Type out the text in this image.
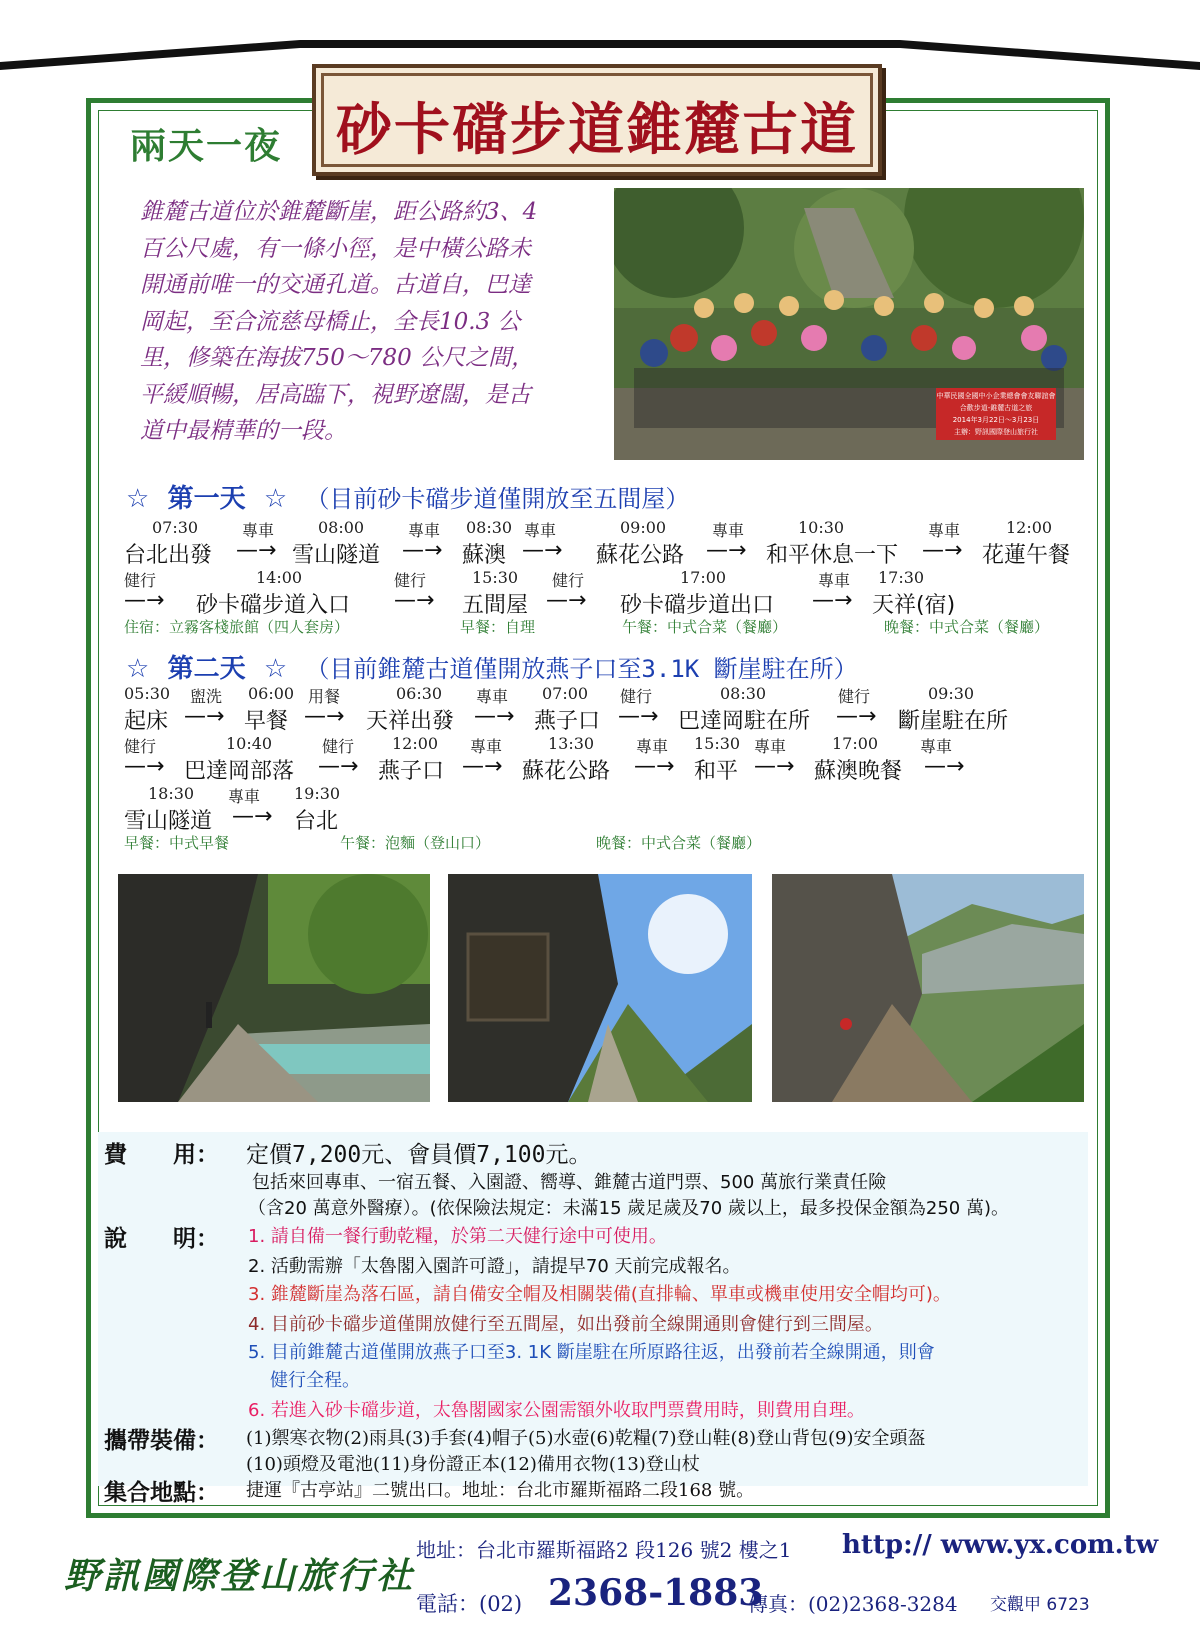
砂卡礑步道錐麓古道
兩天一夜
錐麓古道位於錐麓斷崖，距公路約3、4
百公尺處，有一條小徑，是中橫公路未
開通前唯一的交通孔道。古道自，巴達
岡起，至合流慈母橋止，全長10.3 公
里，修築在海拔750～780 公尺之間，
平緩順暢，居高臨下，視野遼闊，是古
道中最精華的一段。
中華民國全國中小企業總會會友聯誼會
合歡步道-錐麓古道之旅
2014年3月22日～3月23日
主辦：野訊國際登山旅行社
☆ 第一天 ☆ （目前砂卡礑步道僅開放至五間屋）
07:30	專車	08:00	專車 08:30 專車	09:00	專車	10:30	專車	12:00
台北出發 —→ 雪山隧道 —→ 蘇澳 —→ 蘇花公路 —→ 和平休息一下 —→ 花蓮午餐
健行	14:00	健行	15:30 健行	17:00	專車 17:30
—→ 砂卡礑步道入口 —→ 五間屋 —→ 砂卡礑步道出口 —→ 天祥(宿)
住宿：立霧客棧旅館（四人套房）	早餐：自理	午餐：中式合菜（餐廳）	晚餐：中式合菜（餐廳）
☆ 第二天 ☆ （目前錐麓古道僅開放燕子口至3.1K 斷崖駐在所）
05:30 盥洗 06:00 用餐	06:30 專車 07:00 健行	08:30	健行	09:30
起床 —→ 早餐 —→ 天祥出發 —→ 燕子口 —→ 巴達岡駐在所 —→ 斷崖駐在所
健行	10:40	健行 12:00 專車	13:30	專車 15:30 專車	17:00	專車
—→ 巴達岡部落 —→ 燕子口 —→ 蘇花公路 —→ 和平 —→ 蘇澳晚餐 —→
18:30 專車 19:30
雪山隧道 —→ 台北
早餐：中式早餐	午餐：泡麵（登山口）	晚餐：中式合菜（餐廳）
費　　用： 定價7,200元、會員價7,100元。
包括來回專車、一宿五餐、入園證、嚮導、錐麓古道門票、500 萬旅行業責任險
（含20 萬意外醫療）。(依保險法規定：未滿15 歲足歲及70 歲以上，最多投保金額為250 萬)。
說　　明： 1. 請自備一餐行動乾糧，於第二天健行途中可使用。
2. 活動需辦「太魯閣入園許可證」，請提早70 天前完成報名。
3. 錐麓斷崖為落石區，請自備安全帽及相關裝備(直排輪、單車或機車使用安全帽均可)。
4. 目前砂卡礑步道僅開放健行至五間屋，如出發前全線開通則會健行到三間屋。
5. 目前錐麓古道僅開放燕子口至3. 1K 斷崖駐在所原路往返，出發前若全線開通，則會
健行全程。
6. 若進入砂卡礑步道，太魯閣國家公園需額外收取門票費用時，則費用自理。
攜帶裝備： (1)禦寒衣物(2)雨具(3)手套(4)帽子(5)水壺(6)乾糧(7)登山鞋(8)登山背包(9)安全頭盔
(10)頭燈及電池(11)身份證正本(12)備用衣物(13)登山杖
集合地點： 捷運『古亭站』二號出口。地址：台北市羅斯福路二段168 號。
野訊國際登山旅行社
地址：台北市羅斯福路2 段126 號2 樓之1 http:// www.yx.com.tw
電話：(02) 2368-1883
傳真：(02)2368-3284 交觀甲 6723
